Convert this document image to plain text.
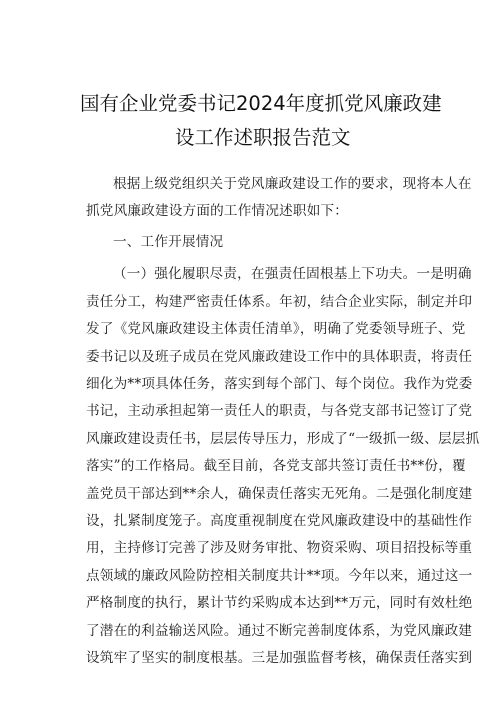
国有企业党委书记2024年度抓党风廉政建
设工作述职报告范文
根据上级党组织关于党风廉政建设工作的要求，现将本人在
抓党风廉政建设方面的工作情况述职如下：
一、工作开展情况
（一）强化履职尽责，在强责任固根基上下功夫。一是明确
责任分工，构建严密责任体系。年初，结合企业实际，制定并印
发了《党风廉政建设主体责任清单》，明确了党委领导班子、党
委书记以及班子成员在党风廉政建设工作中的具体职责，将责任
细化为**项具体任务，落实到每个部门、每个岗位。我作为党委
书记，主动承担起第一责任人的职责，与各党支部书记签订了党
风廉政建设责任书，层层传导压力，形成了“一级抓一级、层层抓
落实”的工作格局。截至目前，各党支部共签订责任书**份，覆
盖党员干部达到**余人，确保责任落实无死角。二是强化制度建
设，扎紧制度笼子。高度重视制度在党风廉政建设中的基础性作
用，主持修订完善了涉及财务审批、物资采购、项目招投标等重
点领域的廉政风险防控相关制度共计**项。今年以来，通过这一
严格制度的执行，累计节约采购成本达到**万元，同时有效杜绝
了潜在的利益输送风险。通过不断完善制度体系，为党风廉政建
设筑牢了坚实的制度根基。三是加强监督考核，确保责任落实到
